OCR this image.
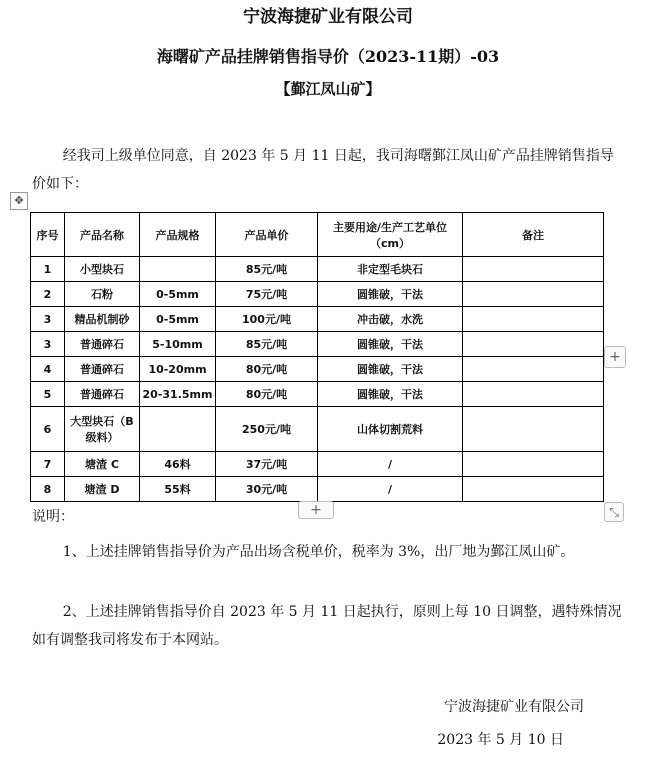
宁波海捷矿业有限公司
海曙矿产品挂牌销售指导价（2023-11期）-03
【鄞江凤山矿】
经我司上级单位同意，自 2023 年 5 月 11 日起，我司海曙鄞江凤山矿产品挂牌销售指导价如下：
✥
序号	产品名称	产品规格	产品单价	主要用途/生产工艺单位（cm）	备注
1	小型块石		85元/吨	非定型毛块石	
2	石粉	0-5mm	75元/吨	圆锥破，干法	
3	精品机制砂	0-5mm	100元/吨	冲击破，水洗	
3	普通碎石	5-10mm	85元/吨	圆锥破，干法	
4	普通碎石	10-20mm	80元/吨	圆锥破，干法	
5	普通碎石	20-31.5mm	80元/吨	圆锥破，干法	
6	大型块石（B级料）		250元/吨	山体切割荒料	
7	塘渣 C	46料	37元/吨	/	
8	塘渣 D	55料	30元/吨	/	
+
+	⤡
说明：
1、上述挂牌销售指导价为产品出场含税单价，税率为 3%，出厂地为鄞江凤山矿。
2、上述挂牌销售指导价自 2023 年 5 月 11 日起执行，原则上每 10 日调整，遇特殊情况如有调整我司将发布于本网站。
宁波海捷矿业有限公司
2023 年 5 月 10 日
